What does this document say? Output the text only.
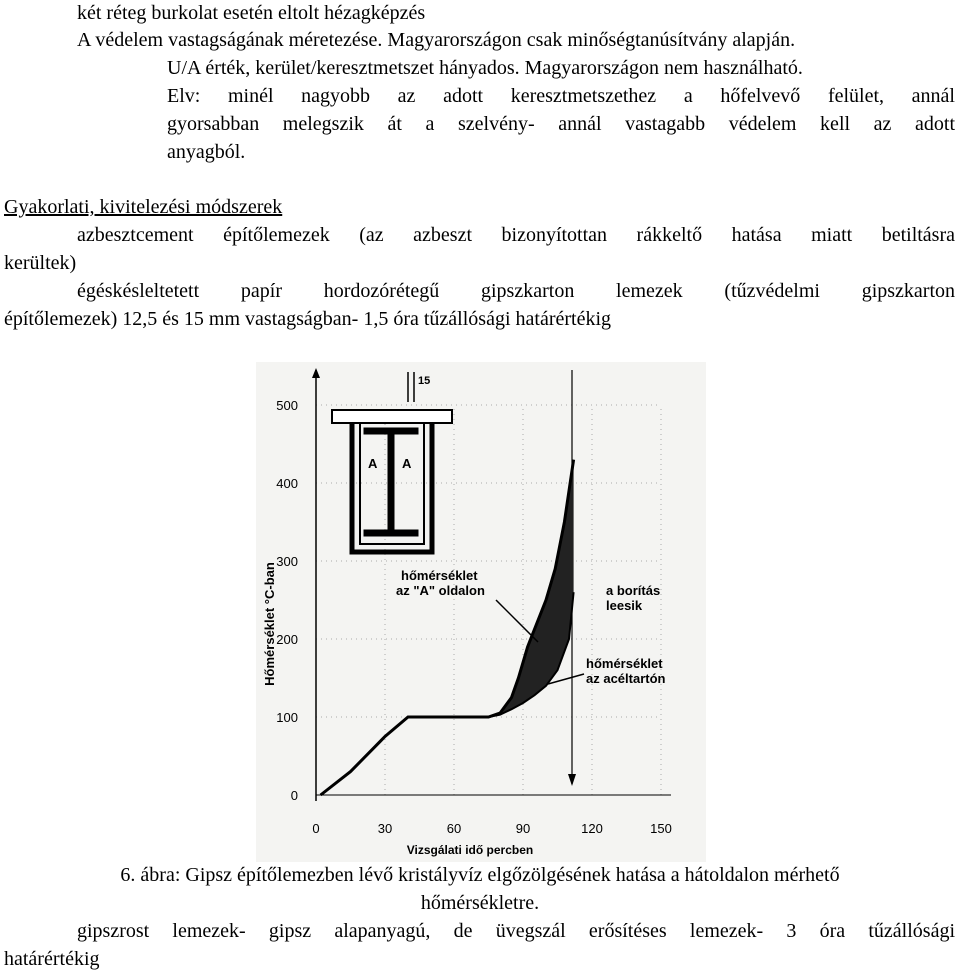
két réteg burkolat esetén eltolt hézagképzés
A védelem vastagságának méretezése. Magyarországon csak minőségtanúsítvány alapján.
U/A érték, kerület/keresztmetszet hányados. Magyarországon nem használható.
Elv: minél nagyobb az adott keresztmetszethez a hőfelvevő felület, annál
gyorsabban melegszik át a szelvény- annál vastagabb védelem kell az adott
anyagból.
Gyakorlati, kivitelezési módszerek
azbesztcement építőlemezek (az azbeszt bizonyítottan rákkeltő hatása miatt betiltásra
kerültek)
égéskésleltetett papír hordozórétegű gipszkarton lemezek (tűzvédelmi gipszkarton
építőlemezek) 12,5 és 15 mm vastagságban- 1,5 óra tűzállósági határértékig
0
100
200
300
400
500
0	30	60	90	120	150
15
A A
hőmérséklet
az "A" oldalon	a borítás
leesik
hőmérséklet
az acéltartón
Hőmérséklet °C-ban
Vizsgálati idő percben
6. ábra: Gipsz építőlemezben lévő kristályvíz elgőzölgésének hatása a hátoldalon mérhető
hőmérsékletre.
gipszrost lemezek- gipsz alapanyagú, de üvegszál erősítéses lemezek- 3 óra tűzállósági
határértékig
